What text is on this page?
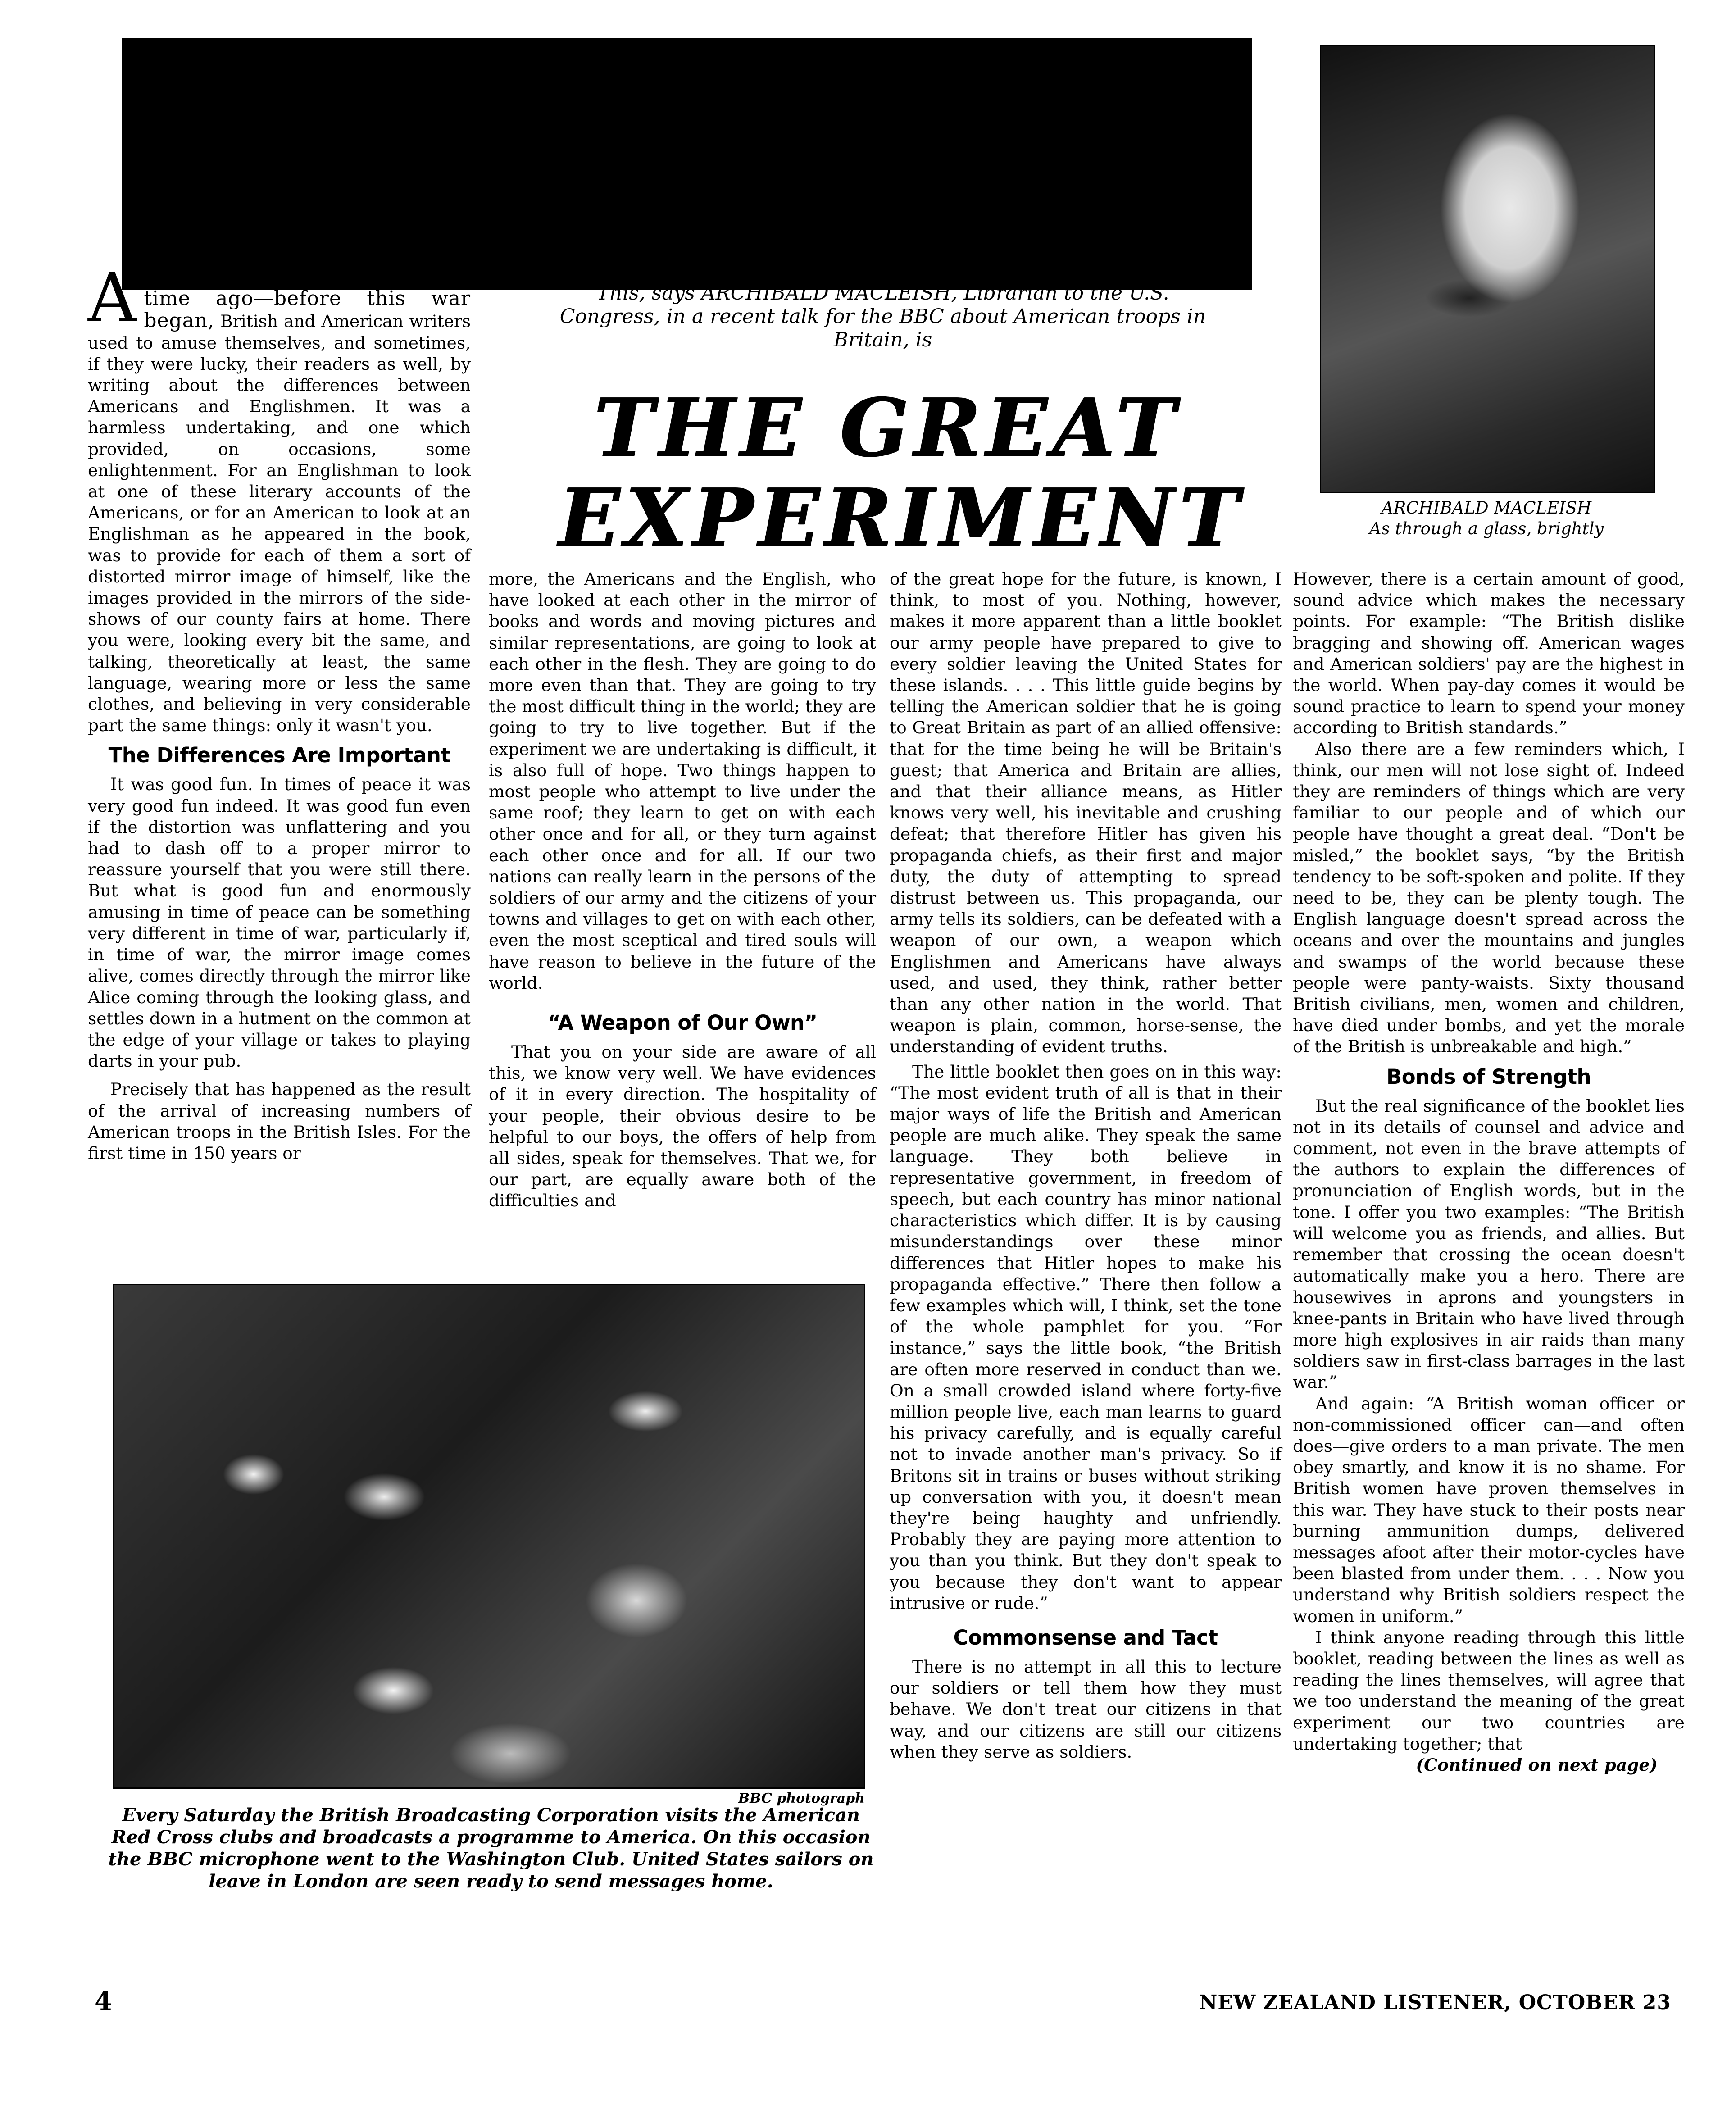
“Two things happen to most people who attempt to live under the same roof; they learn to get on with each other once and for all, or they turn against each other once and for all. If our two nations can really learn in the persons of the soldiers of our army and the citizens of your towns and villages to get on with each other, even the most sceptical and tired souls will have reason to believe in the future of the world.”

ALONG time ago—a very long time ago—before this war began, British and American writers used to amuse themselves, and sometimes, if they were lucky, their readers as well, by writing about the differences between Americans and Englishmen. It was a harmless undertaking, and one which provided, on occasions, some enlightenment. For an Englishman to look at one of these literary accounts of the Americans, or for an American to look at an Englishman as he appeared in the book, was to provide for each of them a sort of distorted mirror image of himself, like the images provided in the mirrors of the side-shows of our county fairs at home. There you were, looking every bit the same, and talking, theoretically at least, the same language, wearing more or less the same clothes, and believing in very considerable part the same things: only it wasn't you.

The Differences Are Important

It was good fun. In times of peace it was very good fun indeed. It was good fun even if the distortion was unflattering and you had to dash off to a proper mirror to reassure yourself that you were still there. But what is good fun and enormously amusing in time of peace can be something very different in time of war, particularly if, in time of war, the mirror image comes alive, comes directly through the mirror like Alice coming through the looking glass, and settles down in a hutment on the common at the edge of your village or takes to playing darts in your pub.

Precisely that has happened as the result of the arrival of increasing numbers of American troops in the British Isles. For the first time in 150 years or

This, says ARCHIBALD MACLEISH, Librarian to the U.S. Congress, in a recent talk for the BBC about American troops in Britain, is
THE GREAT
EXPERIMENT	ARCHIBALD MACLEISH
As through a glass, brightly

more, the Americans and the English, who have looked at each other in the mirror of books and words and moving pictures and similar representations, are going to look at each other in the flesh. They are going to do more even than that. They are going to try the most difficult thing in the world; they are going to try to live together. But if the experiment we are undertaking is difficult, it is also full of hope. Two things happen to most people who attempt to live under the same roof; they learn to get on with each other once and for all, or they turn against each other once and for all. If our two nations can really learn in the persons of the soldiers of our army and the citizens of your towns and villages to get on with each other, even the most sceptical and tired souls will have reason to believe in the future of the world.

“A Weapon of Our Own”

That you on your side are aware of all this, we know very well. We have evidences of it in every direction. The hospitality of your people, their obvious desire to be helpful to our boys, the offers of help from all sides, speak for themselves. That we, for our part, are equally aware both of the difficulties and

of the great hope for the future, is known, I think, to most of you. Nothing, however, makes it more apparent than a little booklet our army people have prepared to give to every soldier leaving the United States for these islands. . . . This little guide begins by telling the American soldier that he is going to Great Britain as part of an allied offensive: that for the time being he will be Britain's guest; that America and Britain are allies, and that their alliance means, as Hitler knows very well, his inevitable and crushing defeat; that therefore Hitler has given his propaganda chiefs, as their first and major duty, the duty of attempting to spread distrust between us. This propaganda, our army tells its soldiers, can be defeated with a weapon of our own, a weapon which Englishmen and Americans have always used, and used, they think, rather better than any other nation in the world. That weapon is plain, common, horse-sense, the understanding of evident truths.

The little booklet then goes on in this way: “The most evident truth of all is that in their major ways of life the British and American people are much alike. They speak the same language. They both believe in representative government, in freedom of speech, but each country has minor national characteristics which differ. It is by causing misunderstandings over these minor differences that Hitler hopes to make his propaganda effective.” There then follow a few examples which will, I think, set the tone of the whole pamphlet for you. “For instance,” says the little book, “the British are often more reserved in conduct than we. On a small crowded island where forty-five million people live, each man learns to guard his privacy carefully, and is equally careful not to invade another man's privacy. So if Britons sit in trains or buses without striking up conversation with you, it doesn't mean they're being haughty and unfriendly. Probably they are paying more attention to you than you think. But they don't speak to you because they don't want to appear intrusive or rude.”

Commonsense and Tact

There is no attempt in all this to lecture our soldiers or tell them how they must behave. We don't treat our citizens in that way, and our citizens are still our citizens when they serve as soldiers.

However, there is a certain amount of good, sound advice which makes the necessary points. For example: “The British dislike bragging and showing off. American wages and American soldiers' pay are the highest in the world. When pay-day comes it would be sound practice to learn to spend your money according to British standards.”

Also there are a few reminders which, I think, our men will not lose sight of. Indeed they are reminders of things which are very familiar to our people and of which our people have thought a great deal. “Don't be misled,” the booklet says, “by the British tendency to be soft-spoken and polite. If they need to be, they can be plenty tough. The English language doesn't spread across the oceans and over the mountains and jungles and swamps of the world because these people were panty-waists. Sixty thousand British civilians, men, women and children, have died under bombs, and yet the morale of the British is unbreakable and high.”

Bonds of Strength

But the real significance of the booklet lies not in its details of counsel and advice and comment, not even in the brave attempts of the authors to explain the differences of pronunciation of English words, but in the tone. I offer you two examples: “The British will welcome you as friends, and allies. But remember that crossing the ocean doesn't automatically make you a hero. There are housewives in aprons and youngsters in knee-pants in Britain who have lived through more high explosives in air raids than many soldiers saw in first-class barrages in the last war.”

And again: “A British woman officer or non-commissioned officer can—and often does—give orders to a man private. The men obey smartly, and know it is no shame. For British women have proven themselves in this war. They have stuck to their posts near burning ammunition dumps, delivered messages afoot after their motor-cycles have been blasted from under them. . . . Now you understand why British soldiers respect the women in uniform.”

I think anyone reading through this little booklet, reading between the lines as well as reading the lines themselves, will agree that we too understand the meaning of the great experiment our two countries are undertaking together; that

(Continued on next page)
BBC photograph
Every Saturday the British Broadcasting Corporation visits the American Red Cross clubs and broadcasts a programme to America. On this occasion the BBC microphone went to the Washington Club. United States sailors on leave in London are seen ready to send messages home.
4	NEW ZEALAND LISTENER, OCTOBER 23
